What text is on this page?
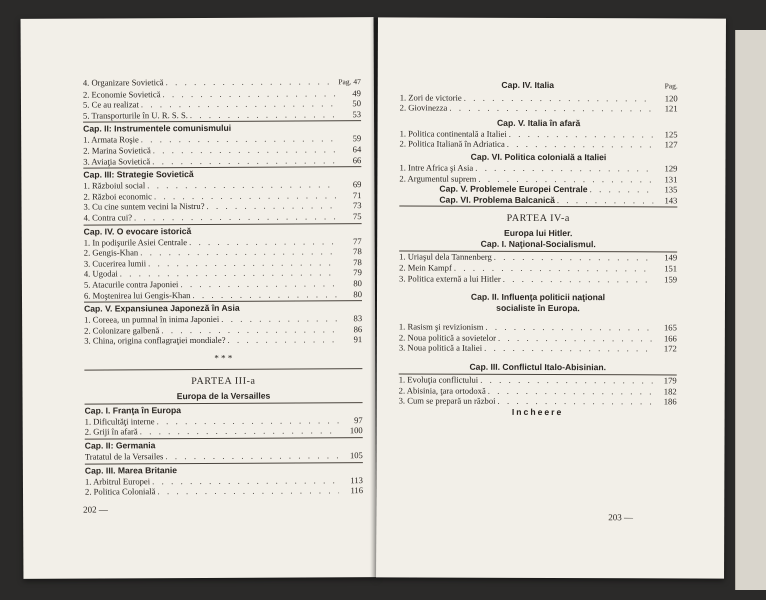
4. Organizare Sovietică . . .	Pag. 47
2. Economie Sovietică . . .	49
5. Ce au realizat . . .	50
5. Transporturile în U. R. S. S. . . .	53
Cap. II: Instrumentele comunismului
1. Armata Roşie . . .	59
2. Marina Sovietică . . .	64
3. Aviaţia Sovietică . . .	66
Cap. III: Strategie Sovietică
1. Războiul social . . .	69
2. Război economic . . .	71
3. Cu cine suntem vecini la Nistru? . . .	73
4. Contra cui? . . .	75
Cap. IV. O evocare istorică
1. In podişurile Asiei Centrale . . .	77
2. Gengis-Khan . . .	78
3. Cucerirea lumii . . .	78
4. Ugodai . . .	79
5. Atacurile contra Japoniei . . .	80
6. Moştenirea lui Gengis-Khan . . .	80
Cap. V. Expansiunea Japoneză în Asia
1. Coreea, un pumnal în inima Japoniei . . .	83
2. Colonizare galbenă . . .	86
3. China, origina conflagraţiei mondiale? . . .	91
* * *
PARTEA III-a
Europa de la Versailles
Cap. I. Franţa în Europa
1. Dificultăţi interne . . .	97
2. Griji în afară . . .	100
Cap. II: Germania
Tratatul de la Versailes . . .	105
Cap. III. Marea Britanie
1. Arbitrul Europei . . .	113
2. Politica Colonială . . .	116
202 —
Cap. IV. Italia	Pag.
1. Zori de victorie . . .	120
2. Giovinezza . . .	121
Cap. V. Italia în afară
1. Politica continentală a Italiei . . .	125
2. Politica Italiană în Adriatica . . .	127
Cap. VI. Politica colonială a Italiei
1. Intre Africa şi Asia . . .	129
2. Argumentul suprem . . .	131
Cap. V. Problemele Europei Centrale . . .	135
Cap. VI. Problema Balcanică . . .	143
PARTEA IV-a
Europa lui Hitler.
Cap. I. Naţional-Socialismul.
1. Uriaşul dela Tannenberg . . .	149
2. Mein Kampf . . .	151
3. Politica externă a lui Hitler . . .	159
Cap. II. Influenţa politicii naţional
socialiste în Europa.
1. Rasism şi revizionism . . .	165
2. Noua politică a sovietelor . . .	166
3. Noua politică a Italiei . . .	172
Cap. III. Conflictul Italo-Abisinian.
1. Evoluţia conflictului . . .	179
2. Abisinia, ţara ortodoxă . . .	182
3. Cum se prepară un război . . .	186
Incheere
203 —
